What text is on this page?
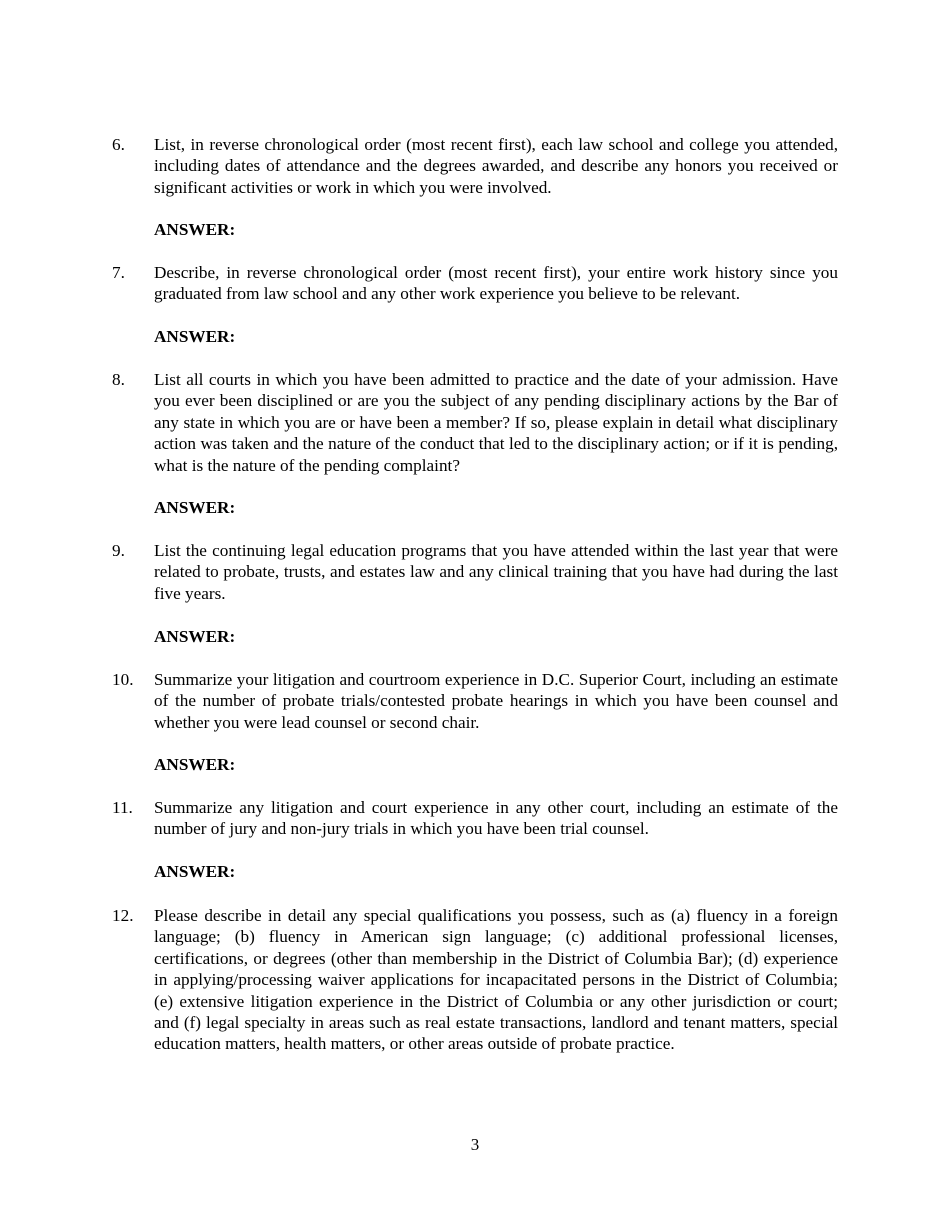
6.	List, in reverse chronological order (most recent first), each law school and college you attended, including dates of attendance and the degrees awarded, and describe any honors you received or significant activities or work in which you were involved.
ANSWER:
7.	Describe, in reverse chronological order (most recent first), your entire work history since you graduated from law school and any other work experience you believe to be relevant.
ANSWER:
8.	List all courts in which you have been admitted to practice and the date of your admission. Have you ever been disciplined or are you the subject of any pending disciplinary actions by the Bar of any state in which you are or have been a member? If so, please explain in detail what disciplinary action was taken and the nature of the conduct that led to the disciplinary action; or if it is pending, what is the nature of the pending complaint?
ANSWER:
9.	List the continuing legal education programs that you have attended within the last year that were related to probate, trusts, and estates law and any clinical training that you have had during the last five years.
ANSWER:
10.	Summarize your litigation and courtroom experience in D.C. Superior Court, including an estimate of the number of probate trials/contested probate hearings in which you have been counsel and whether you were lead counsel or second chair.
ANSWER:
11.	Summarize any litigation and court experience in any other court, including an estimate of the number of jury and non-jury trials in which you have been trial counsel.
ANSWER:
12.	Please describe in detail any special qualifications you possess, such as (a) fluency in a foreign language; (b) fluency in American sign language; (c) additional professional licenses, certifications, or degrees (other than membership in the District of Columbia Bar); (d) experience in applying/processing waiver applications for incapacitated persons in the District of Columbia; (e) extensive litigation experience in the District of Columbia or any other jurisdiction or court; and (f) legal specialty in areas such as real estate transactions, landlord and tenant matters, special education matters, health matters, or other areas outside of probate practice.
3
